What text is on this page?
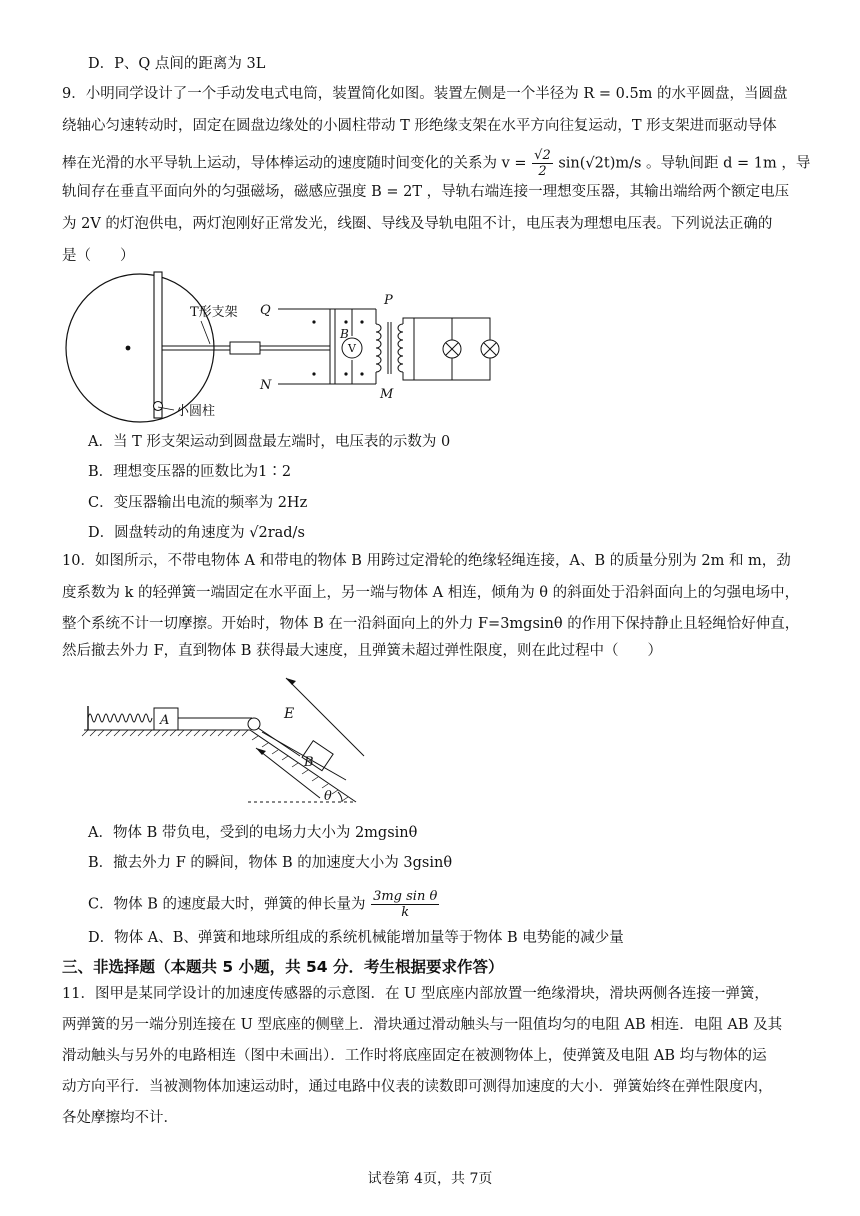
D．P、Q 点间的距离为 3L
9．小明同学设计了一个手动发电式电筒，装置简化如图。装置左侧是一个半径为 R = 0.5m 的水平圆盘，当圆盘
绕轴心匀速转动时，固定在圆盘边缘处的小圆柱带动 T 形绝缘支架在水平方向往复运动，T 形支架进而驱动导体
棒在光滑的水平导轨上运动，导体棒运动的速度随时间变化的关系为 $v = \frac{√2}{2} \sin(√2t)m/s$ 。导轨间距 d = 1m ，导
轨间存在垂直平面向外的匀强磁场，磁感应强度 B = 2T ，导轨右端连接一理想变压器，其输出端给两个额定电压
为 2V 的灯泡供电，两灯泡刚好正常发光，线圈、导线及导轨电阻不计，电压表为理想电压表。下列说法正确的
是（　　）
T形支架
小圆柱
Q
N
B
V
P
M
A．当 T 形支架运动到圆盘最左端时，电压表的示数为 0
B．理想变压器的匝数比为1∶2
C．变压器输出电流的频率为 2Hz
D．圆盘转动的角速度为 √2rad/s
10．如图所示，不带电物体 A 和带电的物体 B 用跨过定滑轮的绝缘轻绳连接，A、B 的质量分别为 2m 和 m，劲
度系数为 k 的轻弹簧一端固定在水平面上，另一端与物体 A 相连，倾角为 θ 的斜面处于沿斜面向上的匀强电场中，
整个系统不计一切摩擦。开始时，物体 B 在一沿斜面向上的外力 F=3mgsinθ 的作用下保持静止且轻绳恰好伸直，
然后撤去外力 F，直到物体 B 获得最大速度，且弹簧未超过弹性限度，则在此过程中（　　）
A
B
θ
E
A．物体 B 带负电，受到的电场力大小为 2mgsinθ
B．撤去外力 F 的瞬间，物体 B 的加速度大小为 3gsinθ
C．物体 B 的速度最大时，弹簧的伸长量为 $\frac{\text{3mg sin θ}}{k}$
D．物体 A、B、弹簧和地球所组成的系统机械能增加量等于物体 B 电势能的减少量
三、非选择题（本题共 5 小题，共 54 分．考生根据要求作答）
11．图甲是某同学设计的加速度传感器的示意图．在 U 型底座内部放置一绝缘滑块，滑块两侧各连接一弹簧，
两弹簧的另一端分别连接在 U 型底座的侧壁上．滑块通过滑动触头与一阻值均匀的电阻 AB 相连．电阻 AB 及其
滑动触头与另外的电路相连（图中未画出）．工作时将底座固定在被测物体上，使弹簧及电阻 AB 均与物体的运
动方向平行．当被测物体加速运动时，通过电路中仪表的读数即可测得加速度的大小．弹簧始终在弹性限度内，
各处摩擦均不计．
试卷第 4页，共 7页
